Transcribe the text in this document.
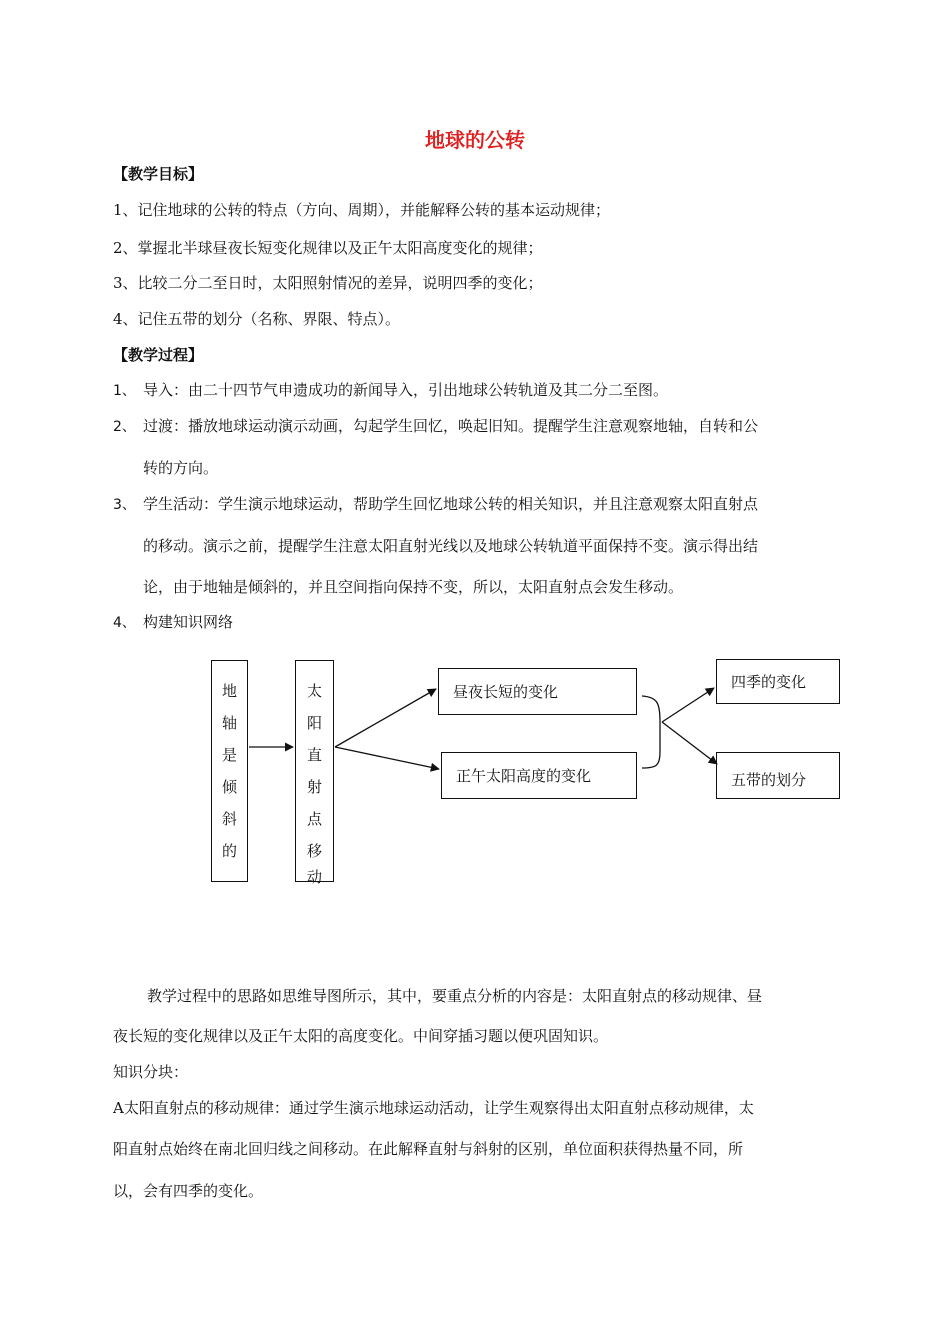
地球的公转
【教学目标】
1、记住地球的公转的特点（方向、周期），并能解释公转的基本运动规律；
2、掌握北半球昼夜长短变化规律以及正午太阳高度变化的规律；
3、比较二分二至日时，太阳照射情况的差异，说明四季的变化；
4、记住五带的划分（名称、界限、特点）。
【教学过程】
1、 导入：由二十四节气申遗成功的新闻导入，引出地球公转轨道及其二分二至图。
2、 过渡：播放地球运动演示动画，勾起学生回忆，唤起旧知。提醒学生注意观察地轴，自转和公
转的方向。
3、 学生活动：学生演示地球运动，帮助学生回忆地球公转的相关知识，并且注意观察太阳直射点
的移动。演示之前，提醒学生注意太阳直射光线以及地球公转轨道平面保持不变。演示得出结
论，由于地轴是倾斜的，并且空间指向保持不变，所以，太阳直射点会发生移动。
4、 构建知识网络
地
轴
是
倾
斜
的
太
阳
直
射
点
移
动
昼夜长短的变化
正午太阳高度的变化
四季的变化
五带的划分
教学过程中的思路如思维导图所示，其中，要重点分析的内容是：太阳直射点的移动规律、昼
夜长短的变化规律以及正午太阳的高度变化。中间穿插习题以便巩固知识。
知识分块：
A太阳直射点的移动规律：通过学生演示地球运动活动，让学生观察得出太阳直射点移动规律，太
阳直射点始终在南北回归线之间移动。在此解释直射与斜射的区别，单位面积获得热量不同，所
以，会有四季的变化。
